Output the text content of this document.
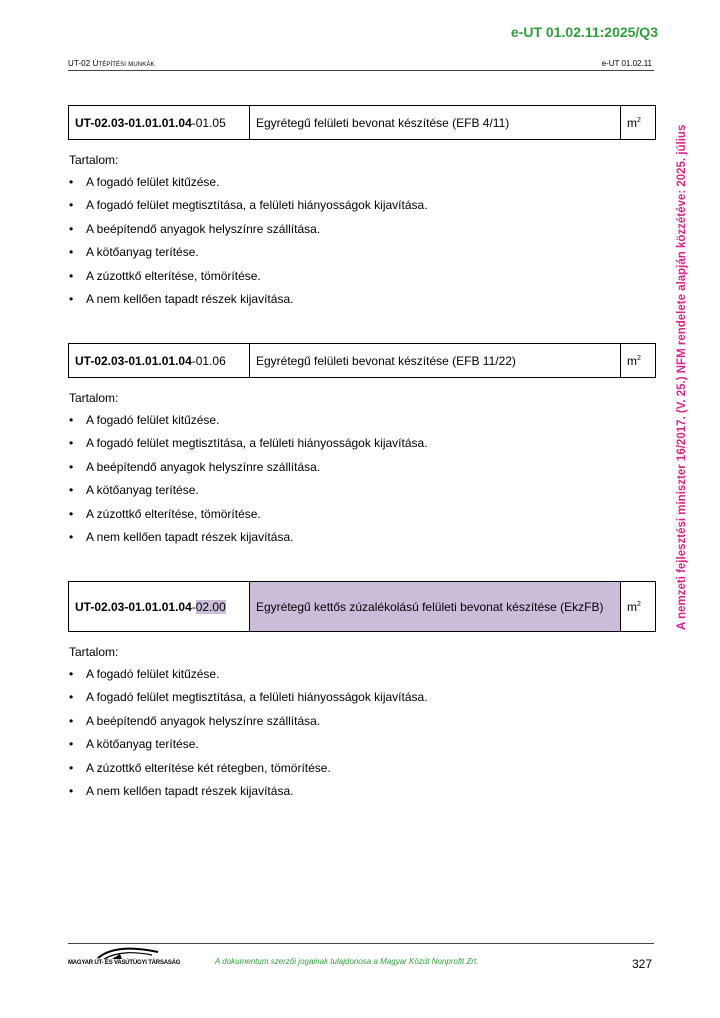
e-UT 01.02.11:2025/Q3
UT-02 Útépítési munkák	e-UT 01.02.11
A nemzeti fejlesztési miniszter 16/2017. (V. 25.) NFM rendelete alapján közzétéve: 2025. július
UT-02.03-01.01.01.04-01.05	Egyrétegű felületi bevonat készítése (EFB 4/11)	$m^2$
Tartalom:
• A fogadó felület kitűzése.
• A fogadó felület megtisztítása, a felületi hiányosságok kijavítása.
• A beépítendő anyagok helyszínre szállítása.
• A kötőanyag terítése.
• A zúzottkő elterítése, tömörítése.
• A nem kellően tapadt részek kijavítása.
UT-02.03-01.01.01.04-01.06	Egyrétegű felületi bevonat készítése (EFB 11/22)	$m^2$
Tartalom:
• A fogadó felület kitűzése.
• A fogadó felület megtisztítása, a felületi hiányosságok kijavítása.
• A beépítendő anyagok helyszínre szállítása.
• A kötőanyag terítése.
• A zúzottkő elterítése, tömörítése.
• A nem kellően tapadt részek kijavítása.
UT-02.03-01.01.01.04-02.00	Egyrétegű kettős zúzalékolású felületi bevonat készítése (EkzFB)	$m^2$
Tartalom:
• A fogadó felület kitűzése.
• A fogadó felület megtisztítása, a felületi hiányosságok kijavítása.
• A beépítendő anyagok helyszínre szállítása.
• A kötőanyag terítése.
• A zúzottkő elterítése két rétegben, tömörítése.
• A nem kellően tapadt részek kijavítása.
MAGYAR ÚT- ÉS VASÚTÜGYI TÁRSASÁG	A dokumentum szerzői jogainak tulajdonosa a Magyar Közút Nonprofit Zrt.	327
